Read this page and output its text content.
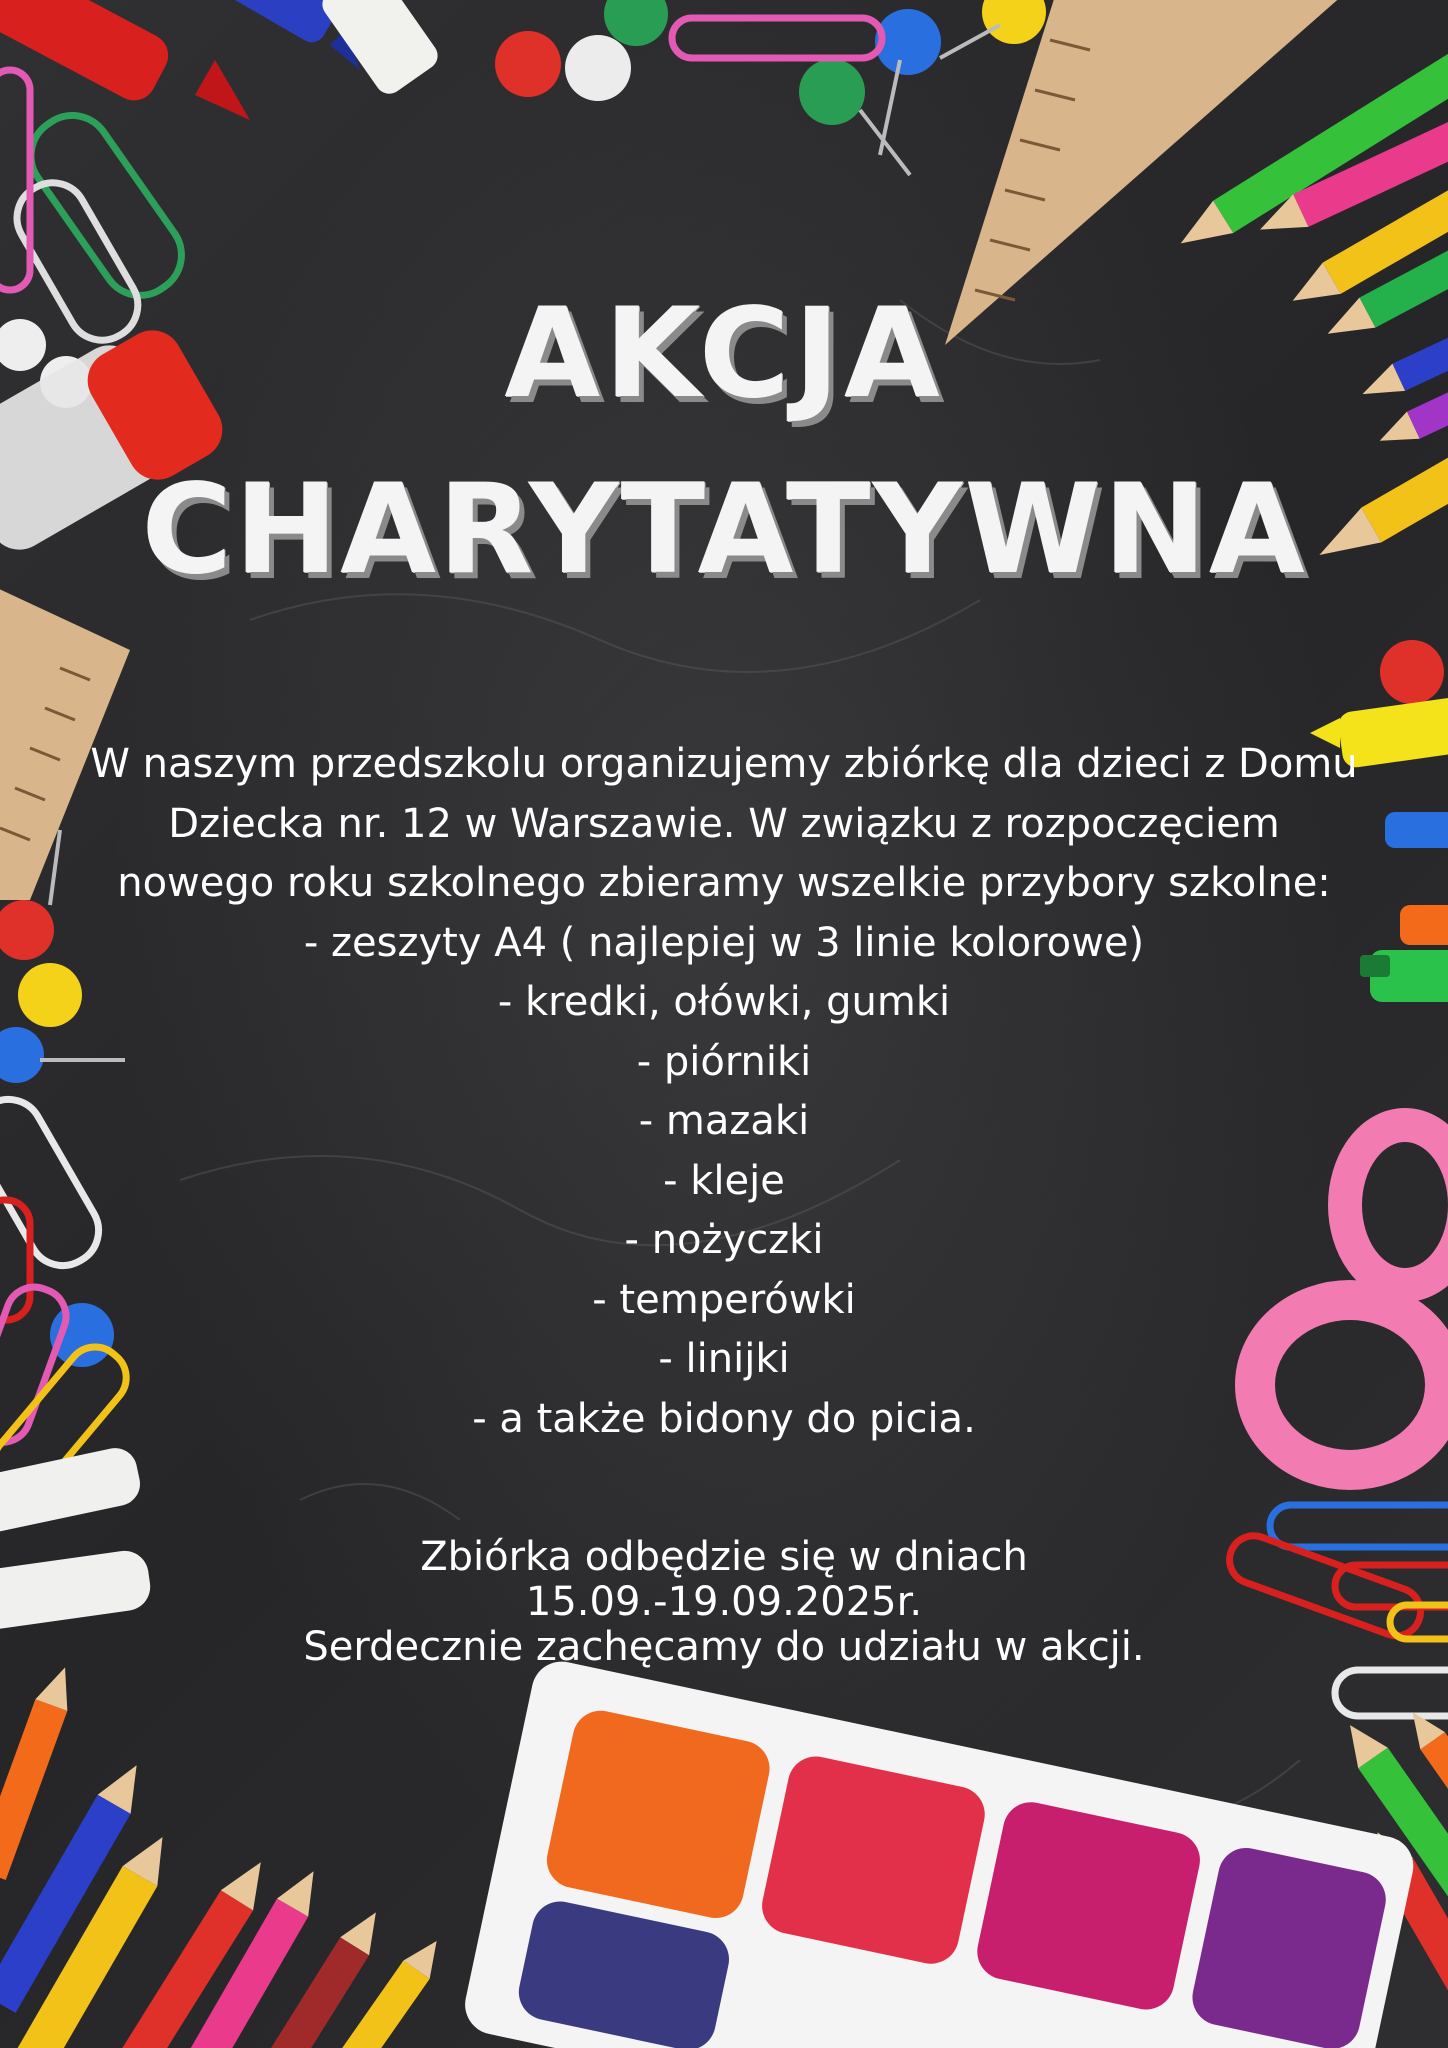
AKCJA
CHARYTATYWNA
W naszym przedszkolu organizujemy zbiórkę dla dzieci z Domu
Dziecka nr. 12 w Warszawie. W związku z rozpoczęciem
nowego roku szkolnego zbieramy wszelkie przybory szkolne:
- zeszyty A4 ( najlepiej w 3 linie kolorowe)
- kredki, ołówki, gumki
- piórniki
- mazaki
- kleje
- nożyczki
- temperówki
- linijki
- a także bidony do picia.
Zbiórka odbędzie się w dniach
15.09.-19.09.2025r.
Serdecznie zachęcamy do udziału w akcji.
